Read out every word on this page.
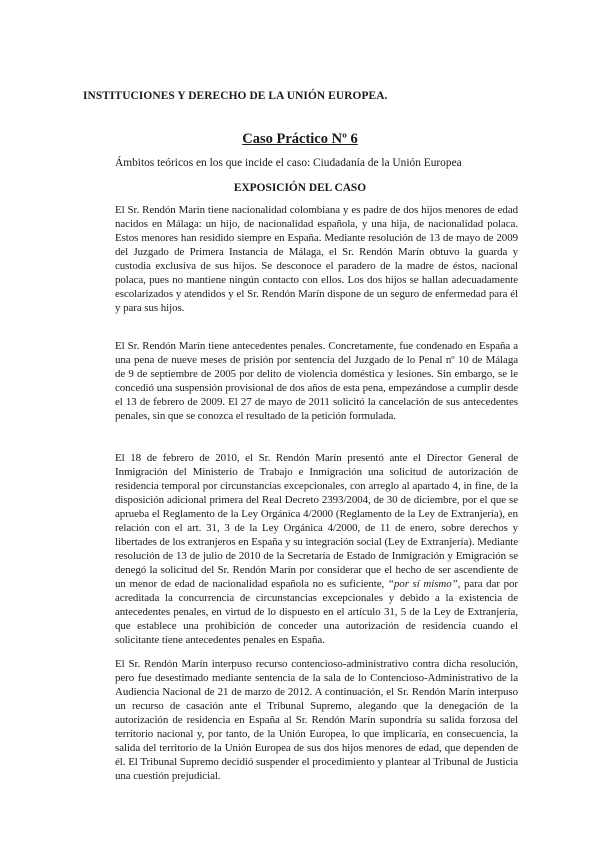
INSTITUCIONES Y DERECHO DE LA UNIÓN EUROPEA.
Caso Práctico Nº 6
Ámbitos teóricos en los que incide el caso: Ciudadanía de la Unión Europea
EXPOSICIÓN DEL CASO

El Sr. Rendón Marín tiene nacionalidad colombiana y es padre de dos hijos menores de edad nacidos en Málaga: un hijo, de nacionalidad española, y una hija, de nacionalidad polaca. Estos menores han residido siempre en España. Mediante resolución de 13 de mayo de 2009 del Juzgado de Primera Instancia de Málaga, el Sr. Rendón Marín obtuvo la guarda y custodia exclusiva de sus hijos. Se desconoce el paradero de la madre de éstos, nacional polaca, pues no mantiene ningún contacto con ellos. Los dos hijos se hallan adecuadamente escolarizados y atendidos y el Sr. Rendón Marín dispone de un seguro de enfermedad para él y para sus hijos.

El Sr. Rendón Marín tiene antecedentes penales. Concretamente, fue condenado en España a una pena de nueve meses de prisión por sentencia del Juzgado de lo Penal nº 10 de Málaga de 9 de septiembre de 2005 por delito de violencia doméstica y lesiones. Sin embargo, se le concedió una suspensión provisional de dos años de esta pena, empezándose a cumplir desde el 13 de febrero de 2009. El 27 de mayo de 2011 solicitó la cancelación de sus antecedentes penales, sin que se conozca el resultado de la petición formulada.

El 18 de febrero de 2010, el Sr. Rendón Marín presentó ante el Director General de Inmigración del Ministerio de Trabajo e Inmigración una solicitud de autorización de residencia temporal por circunstancias excepcionales, con arreglo al apartado 4, in fine, de la disposición adicional primera del Real Decreto 2393/2004, de 30 de diciembre, por el que se aprueba el Reglamento de la Ley Orgánica 4/2000 (Reglamento de la Ley de Extranjería), en relación con el art. 31, 3 de la Ley Orgánica 4/2000, de 11 de enero, sobre derechos y libertades de los extranjeros en España y su integración social (Ley de Extranjería). Mediante resolución de 13 de julio de 2010 de la Secretaría de Estado de Inmigración y Emigración se denegó la solicitud del Sr. Rendón Marín por considerar que el hecho de ser ascendiente de un menor de edad de nacionalidad española no es suficiente, “por sí mismo”, para dar por acreditada la concurrencia de circunstancias excepcionales y debido a la existencia de antecedentes penales, en virtud de lo dispuesto en el artículo 31, 5 de la Ley de Extranjería, que establece una prohibición de conceder una autorización de residencia cuando el solicitante tiene antecedentes penales en España.

El Sr. Rendón Marín interpuso recurso contencioso-administrativo contra dicha resolución, pero fue desestimado mediante sentencia de la sala de lo Contencioso-Administrativo de la Audiencia Nacional de 21 de marzo de 2012. A continuación, el Sr. Rendón Marín interpuso un recurso de casación ante el Tribunal Supremo, alegando que la denegación de la autorización de residencia en España al Sr. Rendón Marín supondría su salida forzosa del territorio nacional y, por tanto, de la Unión Europea, lo que implicaría, en consecuencia, la salida del territorio de la Unión Europea de sus dos hijos menores de edad, que dependen de él. El Tribunal Supremo decidió suspender el procedimiento y plantear al Tribunal de Justicia una cuestión prejudicial.
